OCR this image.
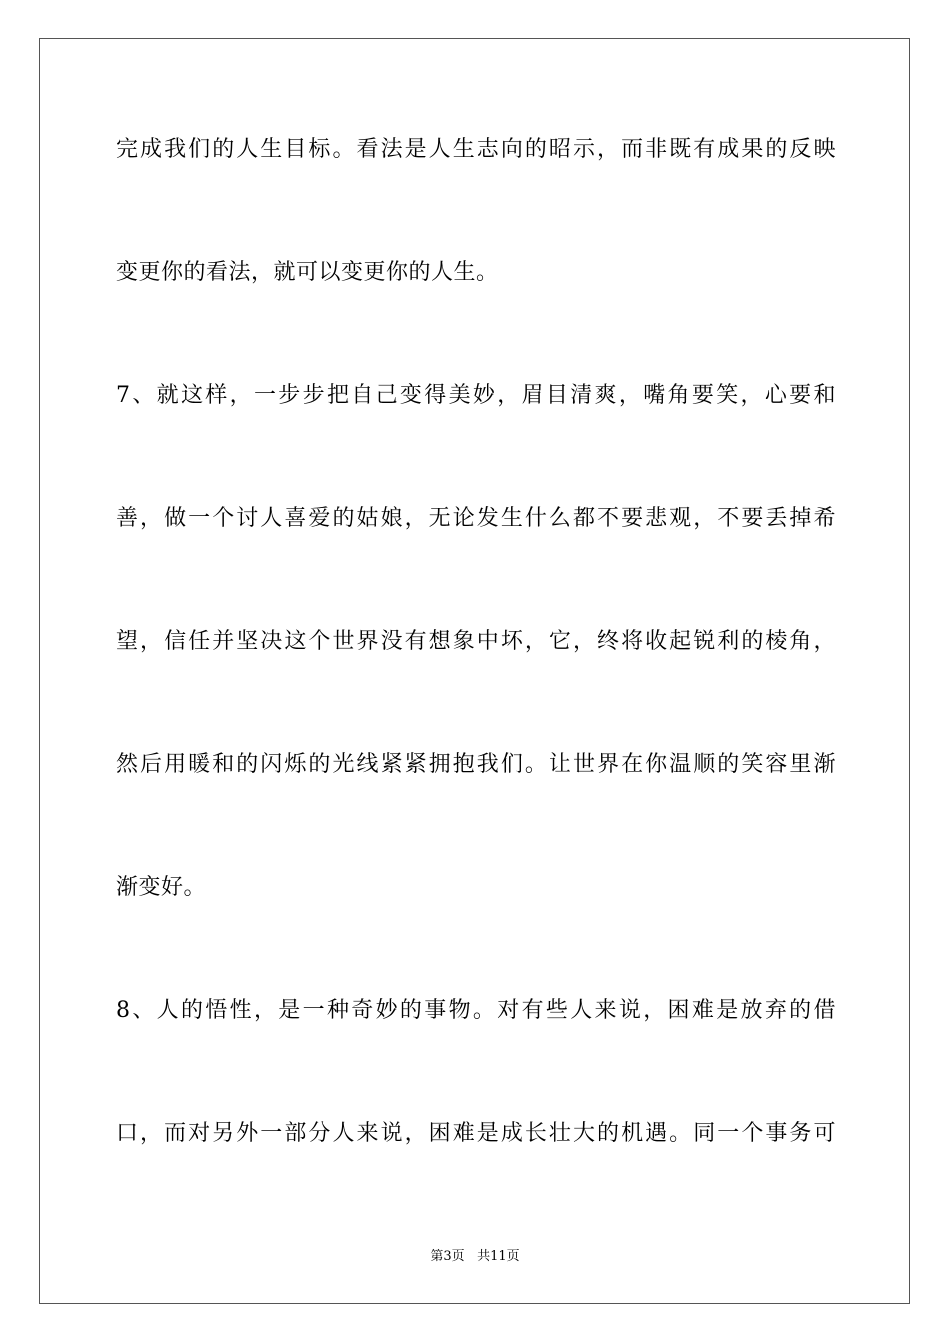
完成我们的人生目标。看法是人生志向的昭示，而非既有成果的反映
变更你的看法，就可以变更你的人生。
7、就这样，一步步把自己变得美妙，眉目清爽，嘴角要笑，心要和
善，做一个讨人喜爱的姑娘，无论发生什么都不要悲观，不要丢掉希
望，信任并坚决这个世界没有想象中坏，它，终将收起锐利的棱角，
然后用暖和的闪烁的光线紧紧拥抱我们。让世界在你温顺的笑容里渐
渐变好。
8、人的悟性，是一种奇妙的事物。对有些人来说，困难是放弃的借
口，而对另外一部分人来说，困难是成长壮大的机遇。同一个事务可
第3页 共11页
